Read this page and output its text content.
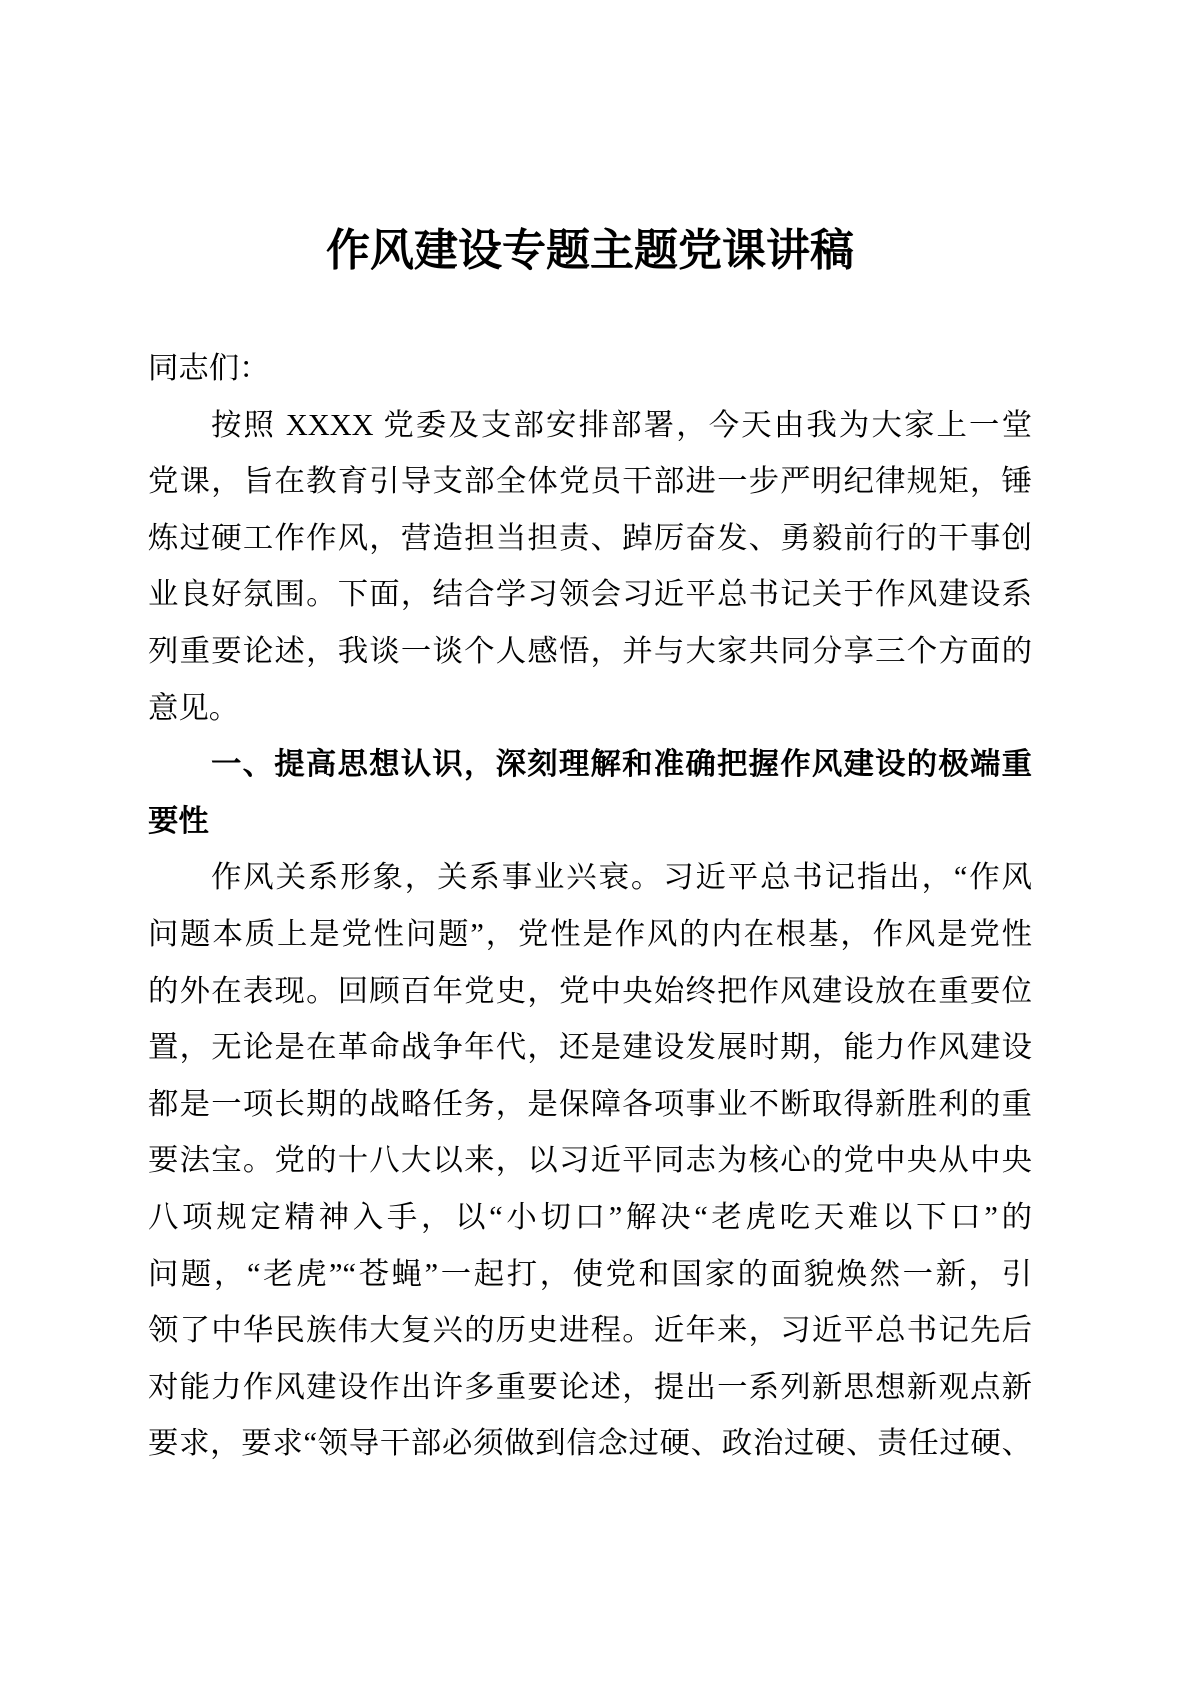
作风建设专题主题党课讲稿
同志们：
按照 XXXX 党委及支部安排部署，今天由我为大家上一堂
党课，旨在教育引导支部全体党员干部进一步严明纪律规矩，锤
炼过硬工作作风，营造担当担责、踔厉奋发、勇毅前行的干事创
业良好氛围。下面，结合学习领会习近平总书记关于作风建设系
列重要论述，我谈一谈个人感悟，并与大家共同分享三个方面的
意见。
一、提高思想认识，深刻理解和准确把握作风建设的极端重
要性
作风关系形象，关系事业兴衰。习近平总书记指出，“作风
问题本质上是党性问题”，党性是作风的内在根基，作风是党性
的外在表现。回顾百年党史，党中央始终把作风建设放在重要位
置，无论是在革命战争年代，还是建设发展时期，能力作风建设
都是一项长期的战略任务，是保障各项事业不断取得新胜利的重
要法宝。党的十八大以来，以习近平同志为核心的党中央从中央
八项规定精神入手，以“小切口”解决“老虎吃天难以下口”的
问题，“老虎”“苍蝇”一起打，使党和国家的面貌焕然一新，引
领了中华民族伟大复兴的历史进程。近年来，习近平总书记先后
对能力作风建设作出许多重要论述，提出一系列新思想新观点新
要求，要求“领导干部必须做到信念过硬、政治过硬、责任过硬、
